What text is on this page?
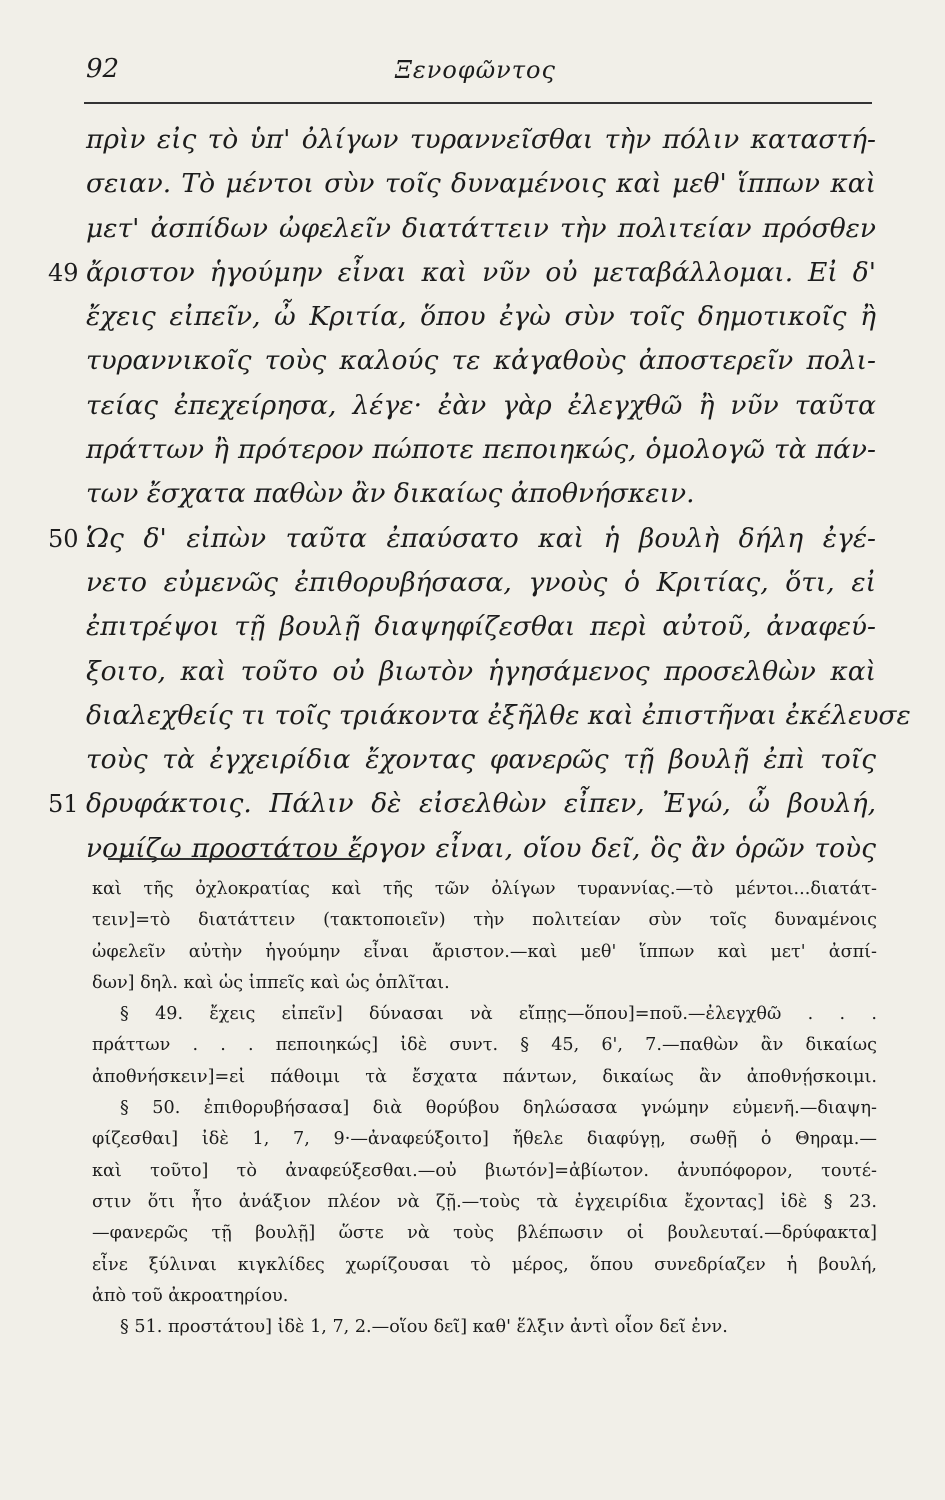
92	Ξενοφῶντος
πρὶν εἰς τὸ ὑπ' ὀλίγων τυραννεῖσθαι τὴν πόλιν καταστή-
σειαν. Τὸ μέντοι σὺν τοῖς δυναμένοις καὶ μεθ' ἵππων καὶ
μετ' ἀσπίδων ὠφελεῖν διατάττειν τὴν πολιτείαν πρόσθεν
49 ἄριστον ἡγούμην εἶναι καὶ νῦν οὐ μεταβάλλομαι. Εἰ δ'
ἔχεις εἰπεῖν, ὦ Κριτία, ὅπου ἐγὼ σὺν τοῖς δημοτικοῖς ἢ
τυραννικοῖς τοὺς καλούς τε κἀγαθοὺς ἀποστερεῖν πολι-
τείας ἐπεχείρησα, λέγε· ἐὰν γὰρ ἐλεγχθῶ ἢ νῦν ταῦτα
πράττων ἢ πρότερον πώποτε πεποιηκώς, ὁμολογῶ τὰ πάν-
των ἔσχατα παθὼν ἂν δικαίως ἀποθνήσκειν.
50 Ὡς δ' εἰπὼν ταῦτα ἐπαύσατο καὶ ἡ βουλὴ δήλη ἐγέ-
νετο εὐμενῶς ἐπιθορυβήσασα, γνοὺς ὁ Κριτίας, ὅτι, εἰ
ἐπιτρέψοι τῇ βουλῇ διαψηφίζεσθαι περὶ αὐτοῦ, ἀναφεύ-
ξοιτο, καὶ τοῦτο οὐ βιωτὸν ἡγησάμενος προσελθὼν καὶ
διαλεχθείς τι τοῖς τριάκοντα ἐξῆλθε καὶ ἐπιστῆναι ἐκέλευσε
τοὺς τὰ ἐγχειρίδια ἔχοντας φανερῶς τῇ βουλῇ ἐπὶ τοῖς
51 δρυφάκτοις. Πάλιν δὲ εἰσελθὼν εἶπεν, Ἐγώ, ὦ βουλή,
νομίζω προστάτου ἔργον εἶναι, οἵου δεῖ, ὃς ἂν ὁρῶν τοὺς
καὶ τῆς ὀχλοκρατίας καὶ τῆς τῶν ὀλίγων τυραννίας.—τὸ μέντοι...διατάτ-
τειν]=τὸ διατάττειν (τακτοποιεῖν) τὴν πολιτείαν σὺν τοῖς δυναμένοις
ὠφελεῖν αὐτὴν ἡγούμην εἶναι ἄριστον.—καὶ μεθ' ἵππων καὶ μετ' ἀσπί-
δων] δηλ. καὶ ὡς ἱππεῖς καὶ ὡς ὁπλῖται.
§ 49. ἔχεις εἰπεῖν] δύνασαι νὰ εἴπῃς—ὅπου]=ποῦ.—ἐλεγχθῶ . . .
πράττων . . . πεποιηκώς] ἰδὲ συντ. § 45, 6', 7.—παθὼν ἂν δικαίως
ἀποθνήσκειν]=εἰ πάθοιμι τὰ ἔσχατα πάντων, δικαίως ἂν ἀποθνῄσκοιμι.
§ 50. ἐπιθορυβήσασα] διὰ θορύβου δηλώσασα γνώμην εὐμενῆ.—διαψη-
φίζεσθαι] ἰδὲ 1, 7, 9·—ἀναφεύξοιτο] ἤθελε διαφύγῃ, σωθῇ ὁ Θηραμ.—
καὶ τοῦτο] τὸ ἀναφεύξεσθαι.—οὐ βιωτόν]=ἀβίωτον. ἀνυπόφορον, τουτέ-
στιν ὅτι ἦτο ἀνάξιον πλέον νὰ ζῇ.—τοὺς τὰ ἐγχειρίδια ἔχοντας] ἰδὲ § 23.
—φανερῶς τῇ βουλῇ] ὥστε νὰ τοὺς βλέπωσιν οἱ βουλευταί.—δρύφακτα]
εἶνε ξύλιναι κιγκλίδες χωρίζουσαι τὸ μέρος, ὅπου συνεδρίαζεν ἡ βουλή,
ἀπὸ τοῦ ἀκροατηρίου.
§ 51. προστάτου] ἰδὲ 1, 7, 2.—οἵου δεῖ] καθ' ἕλξιν ἀντὶ οἷον δεῖ ἐνν.
